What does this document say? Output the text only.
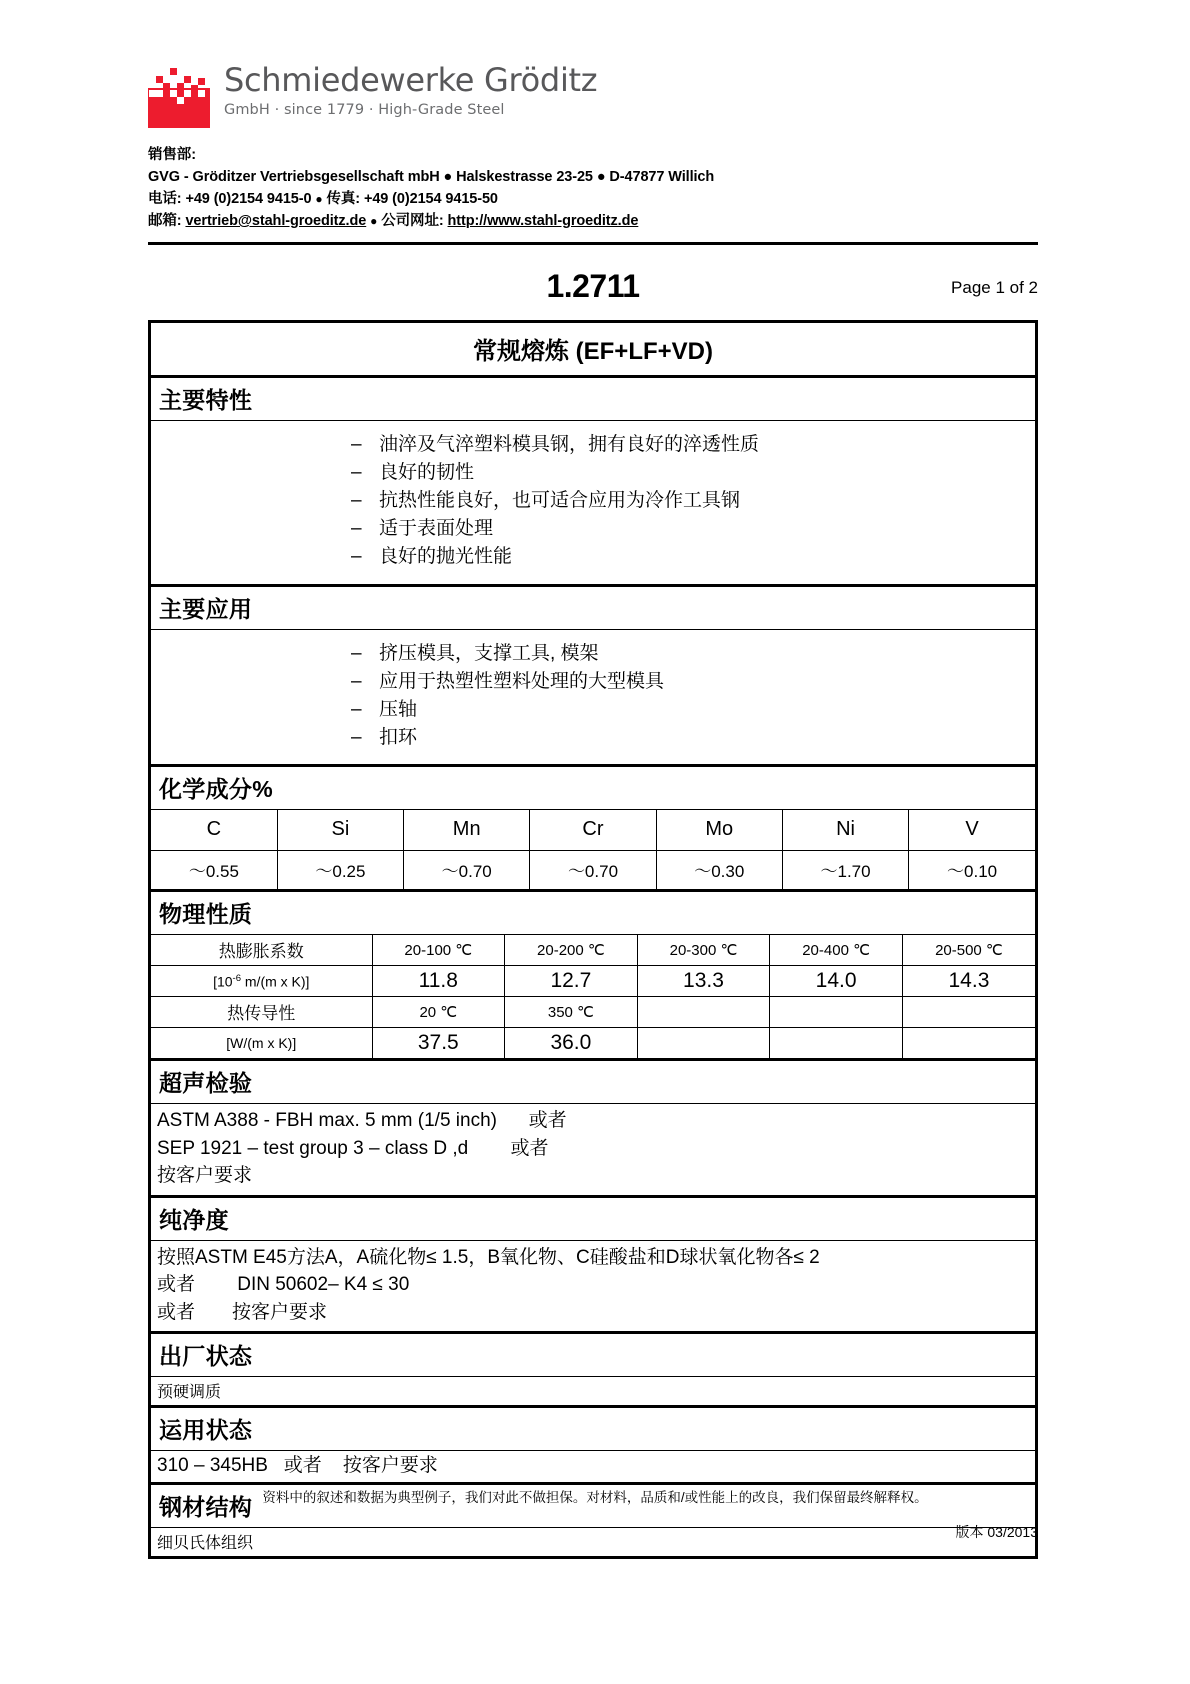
Schmiedewerke Gröditz
GmbH · since 1779 · High-Grade Steel
销售部:
GVG - Gröditzer Vertriebsgesellschaft mbH ● Halskestrasse 23-25 ● D-47877 Willich
电话: +49 (0)2154 9415-0 ● 传真: +49 (0)2154 9415-50
邮箱: vertrieb@stahl-groeditz.de ● 公司网址: http://www.stahl-groeditz.de
1.2711	Page 1 of 2
常规熔炼 (EF+LF+VD)
主要特性

– 油淬及气淬塑料模具钢，拥有良好的淬透性质
– 良好的韧性
– 抗热性能良好，也可适合应用为冷作工具钢
– 适于表面处理
– 良好的抛光性能

主要应用

– 挤压模具，支撑工具, 模架
– 应用于热塑性塑料处理的大型模具
– 压轴
– 扣环

化学成分%

C	Si	Mn	Cr	Mo	Ni	V
～0.55	～0.25	～0.70	～0.70	～0.30	～1.70	～0.10

物理性质

热膨胀系数	20-100 ℃	20-200 ℃	20-300 ℃	20-400 ℃	20-500 ℃
[$10^{-6}$ m/(m x K)]	11.8	12.7	13.3	14.0	14.3
热传导性	20 ℃	350 ℃			
[W/(m x K)]	37.5	36.0			

超声检验

ASTM A388 - FBH max. 5 mm (1/5 inch)      或者
SEP 1921 – test group 3 – class D ,d        或者
按客户要求

纯净度

按照ASTM E45方法A，A硫化物≤ 1.5，B氧化物、C硅酸盐和D球状氧化物各≤ 2
或者        DIN 50602– K4 ≤ 30
或者       按客户要求

出厂状态
预硬调质
运用状态

310 – 345HB   或者    按客户要求

钢材结构
细贝氏体组织
资料中的叙述和数据为典型例子，我们对此不做担保。对材料，品质和/或性能上的改良，我们保留最终解释权。
版本 03/2013
